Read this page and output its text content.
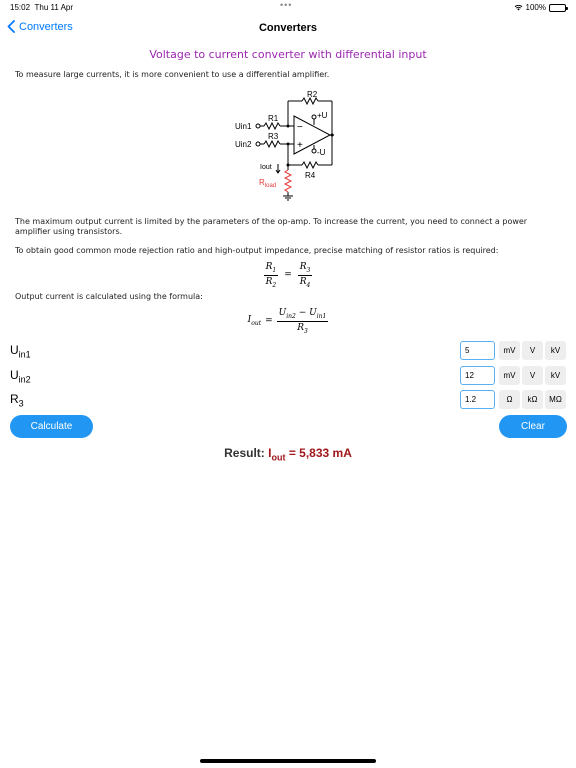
15:02 Thu 11 Apr	•••	100%
Converters	Converters
Voltage to current converter with differential input
To measure large currents, it is more convenient to use a differential amplifier.
R2
R1
Uin1
R3
Uin2
+U
-U
−
+
R4
Iout
$R_{load}$
The maximum output current is limited by the parameters of the op-amp. To increase the current, you need to connect a power amplifier using transistors.
To obtain good common mode rejection ratio and high-output impedance, precise matching of resistor ratios is required:
$\frac{R_1}{R_2} = \frac{R_3}{R_4}$
Output current is calculated using the formula:
$I_{out} = \frac{U_{in2} - U_{in1}}{R_3}$
$U_{in1}$
5	mV	V	kV
$U_{in2}$
12	mV	V	kV
$R_3$
1.2	Ω	kΩ	MΩ
Calculate	Clear
Result: $I_{out} = 5,833$ mA
